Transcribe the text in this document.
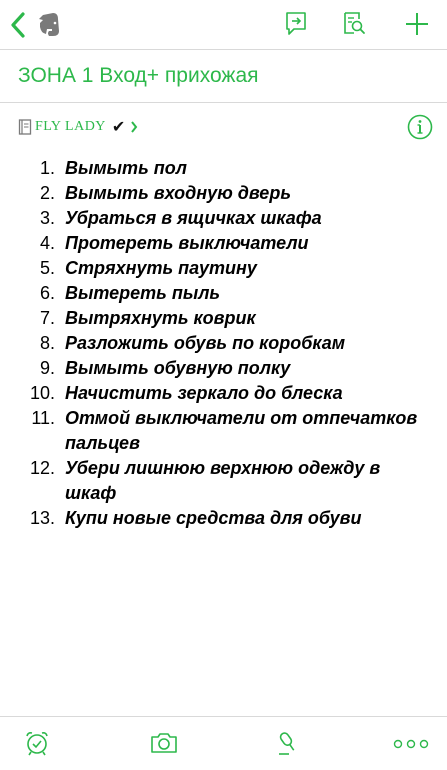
ЗОНА 1 Вход+ прихожая
FLY LADY ✔
1. Вымыть пол
2. Вымыть входную дверь
3. Убраться в ящичках шкафа
4. Протереть выключатели
5. Стряхнуть паутину
6. Вытереть пыль
7. Вытряхнуть коврик
8. Разложить обувь по коробкам
9. Вымыть обувную полку
10. Начистить зеркало до блеска
11. Отмой выключатели от отпечатков пальцев
12. Убери лишнюю верхнюю одежду в шкаф
13. Купи новые средства для обуви
